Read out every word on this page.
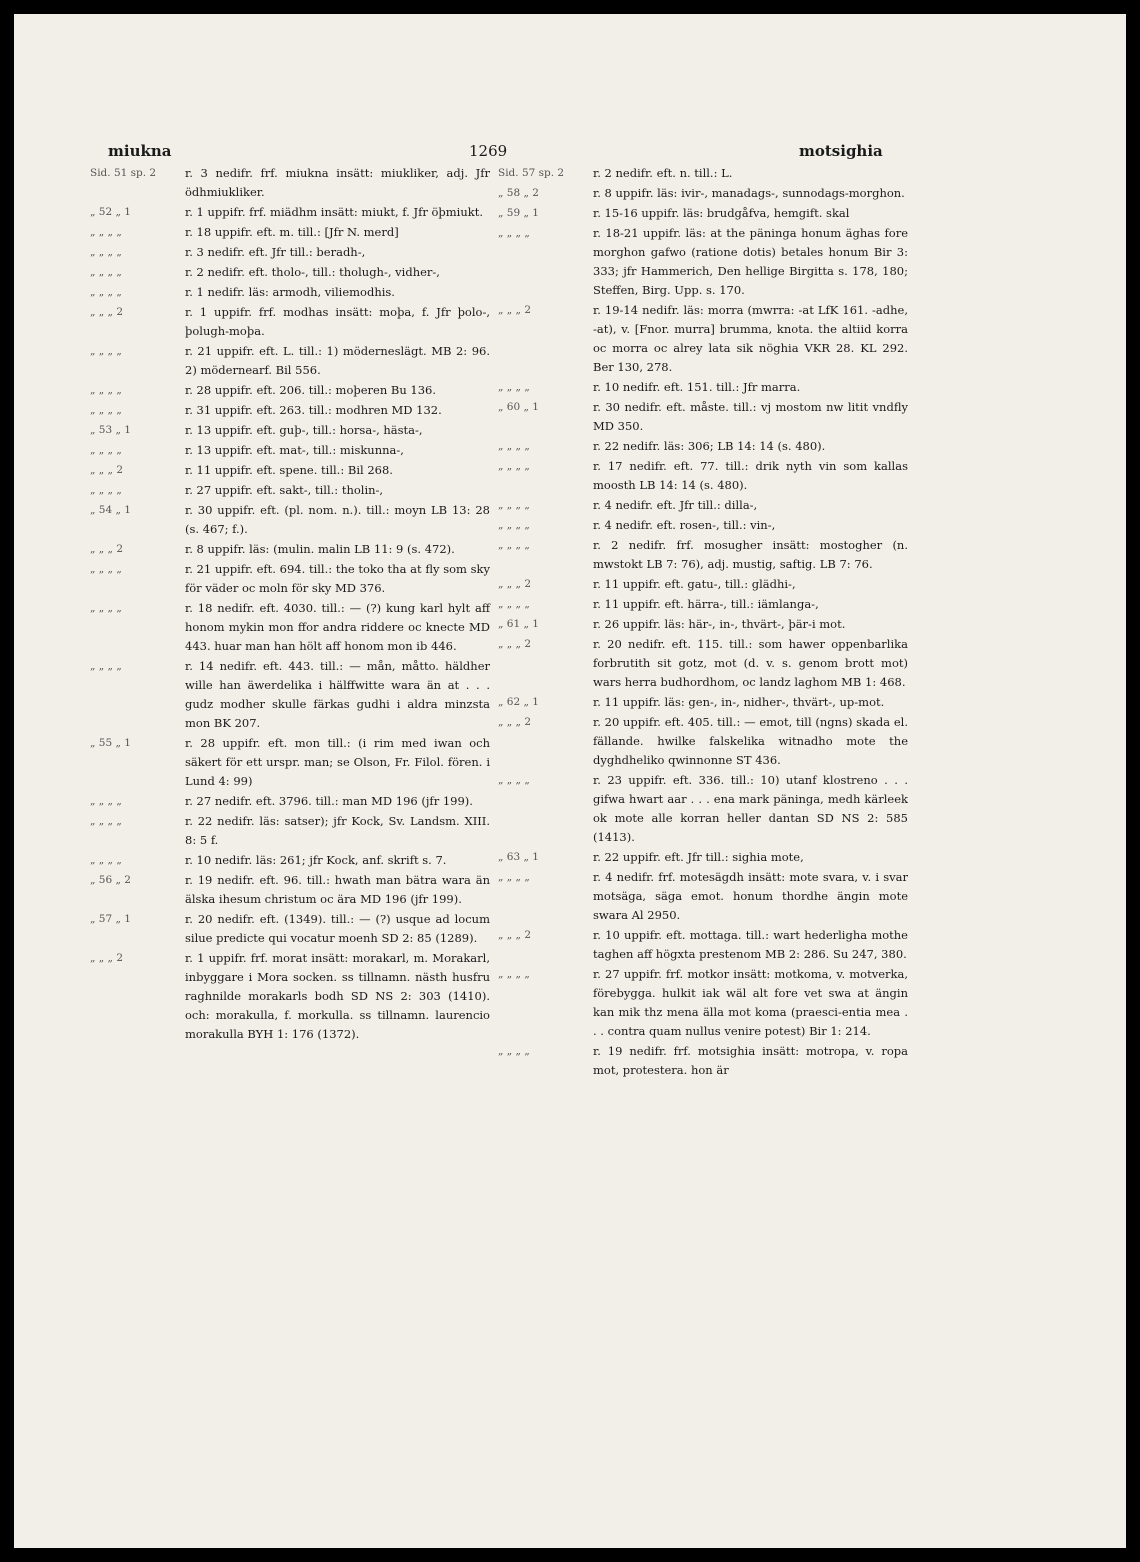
miukna	1269	motsighia
Sid. 51 sp. 2	r. 3 nedifr. frf. miukna insätt: miukliker, adj. Jfr ödhmiukliker.
„ 52 „ 1	r. 1 uppifr. frf. miädhm insätt: miukt, f. Jfr öþmiukt.
„ „ „ „	r. 18 uppifr. eft. m. till.: [Jfr N. merd]
„ „ „ „	r. 3 nedifr. eft. Jfr till.: beradh-,
„ „ „ „	r. 2 nedifr. eft. tholo-, till.: tholugh-, vidher-,
„ „ „ „	r. 1 nedifr. läs: armodh, viliemodhis.
„ „ „ 2	r. 1 uppifr. frf. modhas insätt: moþa, f. Jfr þolo-, þolugh-moþa.
„ „ „ „	r. 21 uppifr. eft. L. till.: 1) möderneslägt. MB 2: 96. 2) mödernearf. Bil 556.
„ „ „ „	r. 28 uppifr. eft. 206. till.: moþeren Bu 136.
„ „ „ „	r. 31 uppifr. eft. 263. till.: modhren MD 132.
„ 53 „ 1	r. 13 uppifr. eft. guþ-, till.: horsa-, hästa-,
„ „ „ „	r. 13 uppifr. eft. mat-, till.: miskunna-,
„ „ „ 2	r. 11 uppifr. eft. spene. till.: Bil 268.
„ „ „ „	r. 27 uppifr. eft. sakt-, till.: tholin-,
„ 54 „ 1	r. 30 uppifr. eft. (pl. nom. n.). till.: moyn LB 13: 28 (s. 467; f.).
„ „ „ 2	r. 8 uppifr. läs: (mulin. malin LB 11: 9 (s. 472).
„ „ „ „	r. 21 uppifr. eft. 694. till.: the toko tha at fly som sky för väder oc moln för sky MD 376.
„ „ „ „	r. 18 nedifr. eft. 4030. till.: — (?) kung karl hylt aff honom mykin mon ffor andra riddere oc knecte MD 443. huar man han hölt aff honom mon ib 446.
„ „ „ „	r. 14 nedifr. eft. 443. till.: — mån, måtto. häldher wille han äwerdelika i hälffwitte wara än at . . . gudz modher skulle färkas gudhi i aldra minzsta mon BK 207.
„ 55 „ 1	r. 28 uppifr. eft. mon till.: (i rim med iwan och säkert för ett urspr. man; se Olson, Fr. Filol. fören. i Lund 4: 99)
„ „ „ „	r. 27 nedifr. eft. 3796. till.: man MD 196 (jfr 199).
„ „ „ „	r. 22 nedifr. läs: satser); jfr Kock, Sv. Landsm. XIII. 8: 5 f.
„ „ „ „	r. 10 nedifr. läs: 261; jfr Kock, anf. skrift s. 7.
„ 56 „ 2	r. 19 nedifr. eft. 96. till.: hwath man bätra wara än älska ihesum christum oc ära MD 196 (jfr 199).
„ 57 „ 1	r. 20 nedifr. eft. (1349). till.: — (?) usque ad locum silue predicte qui vocatur moenh SD 2: 85 (1289).
„ „ „ 2	r. 1 uppifr. frf. morat insätt: morakarl, m. Morakarl, inbyggare i Mora socken. ss tillnamn. nästh husfru raghnilde morakarls bodh SD NS 2: 303 (1410). och: morakulla, f. morkulla. ss tillnamn. laurencio morakulla BYH 1: 176 (1372).
Sid. 57 sp. 2	r. 2 nedifr. eft. n. till.: L.
„ 58 „ 2	r. 8 uppifr. läs: ivir-, manadags-, sunnodags-morghon.
„ 59 „ 1	r. 15-16 uppifr. läs: brudgåfva, hemgift. skal
„ „ „ „	r. 18-21 uppifr. läs: at the päninga honum äghas fore morghon gafwo (ratione dotis) betales honum Bir 3: 333; jfr Hammerich, Den hellige Birgitta s. 178, 180; Steffen, Birg. Upp. s. 170.
„ „ „ 2	r. 19-14 nedifr. läs: morra (mwrra: -at LfK 161. -adhe, -at), v. [Fnor. murra] brumma, knota. the altiid korra oc morra oc alrey lata sik nöghia VKR 28. KL 292. Ber 130, 278.
„ „ „ „	r. 10 nedifr. eft. 151. till.: Jfr marra.
„ 60 „ 1	r. 30 nedifr. eft. måste. till.: vj mostom nw litit vndfly MD 350.
„ „ „ „	r. 22 nedifr. läs: 306; LB 14: 14 (s. 480).
„ „ „ „	r. 17 nedifr. eft. 77. till.: drik nyth vin som kallas moosth LB 14: 14 (s. 480).
„ „ „ „	r. 4 nedifr. eft. Jfr till.: dilla-,
„ „ „ „	r. 4 nedifr. eft. rosen-, till.: vin-,
„ „ „ „	r. 2 nedifr. frf. mosugher insätt: mostogher (n. mwstokt LB 7: 76), adj. mustig, saftig. LB 7: 76.
„ „ „ 2	r. 11 uppifr. eft. gatu-, till.: glädhi-,
„ „ „ „	r. 11 uppifr. eft. härra-, till.: iämlanga-,
„ 61 „ 1	r. 26 uppifr. läs: här-, in-, thvärt-, þär-i mot.
„ „ „ 2	r. 20 nedifr. eft. 115. till.: som hawer oppenbarlika forbrutith sit gotz, mot (d. v. s. genom brott mot) wars herra budhordhom, oc landz laghom MB 1: 468.
„ 62 „ 1	r. 11 uppifr. läs: gen-, in-, nidher-, thvärt-, up-mot.
„ „ „ 2	r. 20 uppifr. eft. 405. till.: — emot, till (ngns) skada el. fällande. hwilke falskelika witnadho mote the dyghdheliko qwinnonne ST 436.
„ „ „ „	r. 23 uppifr. eft. 336. till.: 10) utanf klostreno . . . gifwa hwart aar . . . ena mark päninga, medh kärleek ok mote alle korran heller dantan SD NS 2: 585 (1413).
„ 63 „ 1	r. 22 uppifr. eft. Jfr till.: sighia mote,
„ „ „ „	r. 4 nedifr. frf. motesägdh insätt: mote svara, v. i svar motsäga, säga emot. honum thordhe ängin mote swara Al 2950.
„ „ „ 2	r. 10 uppifr. eft. mottaga. till.: wart hederligha mothe taghen aff högxta prestenom MB 2: 286. Su 247, 380.
„ „ „ „	r. 27 uppifr. frf. motkor insätt: motkoma, v. motverka, förebygga. hulkit iak wäl alt fore vet swa at ängin kan mik thz mena älla mot koma (praesci-entia mea . . . contra quam nullus venire potest) Bir 1: 214.
„ „ „ „	r. 19 nedifr. frf. motsighia insätt: motropa, v. ropa mot, protestera. hon är
